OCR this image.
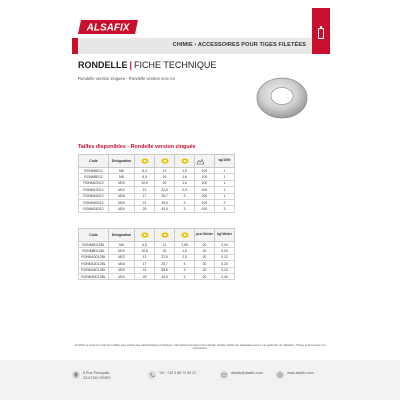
ALSAFIX
CHIMIE › ACCESSOIRES POUR TIGES FILETÉES
RONDELLE | FICHE TECHNIQUE
Rondelle version zinguée - Rondelle version inox A4
Tailles disponibles - Rondelle version zinguée
Code	Désignation					kg/1000
RONM6D12	M6	6,4	12	1,6	100	1
RONM8D12	M8	8,5	16	1,6	100	1
RONM10D12	M10	10,5	20	1,6	100	1
RONM12D12	M12	13	22,5	2,5	100	1
RONM16D12	M16	17	28,7	3	100	1
RONM20D12	M20	21	35,6	3	100	2
RONM24D12	M24	25	43,5	3	100	3
Code	Désignation				pcs/ blister	kg/ blister
RONM6D12BL	M6	6,5	12	1,65	20	0,04
RONM8D12BL	M10	10,5	20	1,6	20	0,04
RONM10D12BL	M12	13	22,5	2,5	20	0,12
RONM12D12BL	M16	17	28,7	3	20	0,20
RONM16D12BL	M20	21	35,6	3	20	0,20
RONM20D12BL	M24	25	43,5	3	20	0,40
ALSAFIX se réserve le droit de modifier sans préavis ses caractéristiques techniques. Informations données à titre indicatif. Veuillez vérifier leur adéquation avec le cas particulier de l'utilisation. Photos et documents non contractuels.
5 Rue Principale
ZA 67240 GRIES
Tél : +33 3 88 72 59 21	alsafix@alsafix.com	www.alsafix.com
